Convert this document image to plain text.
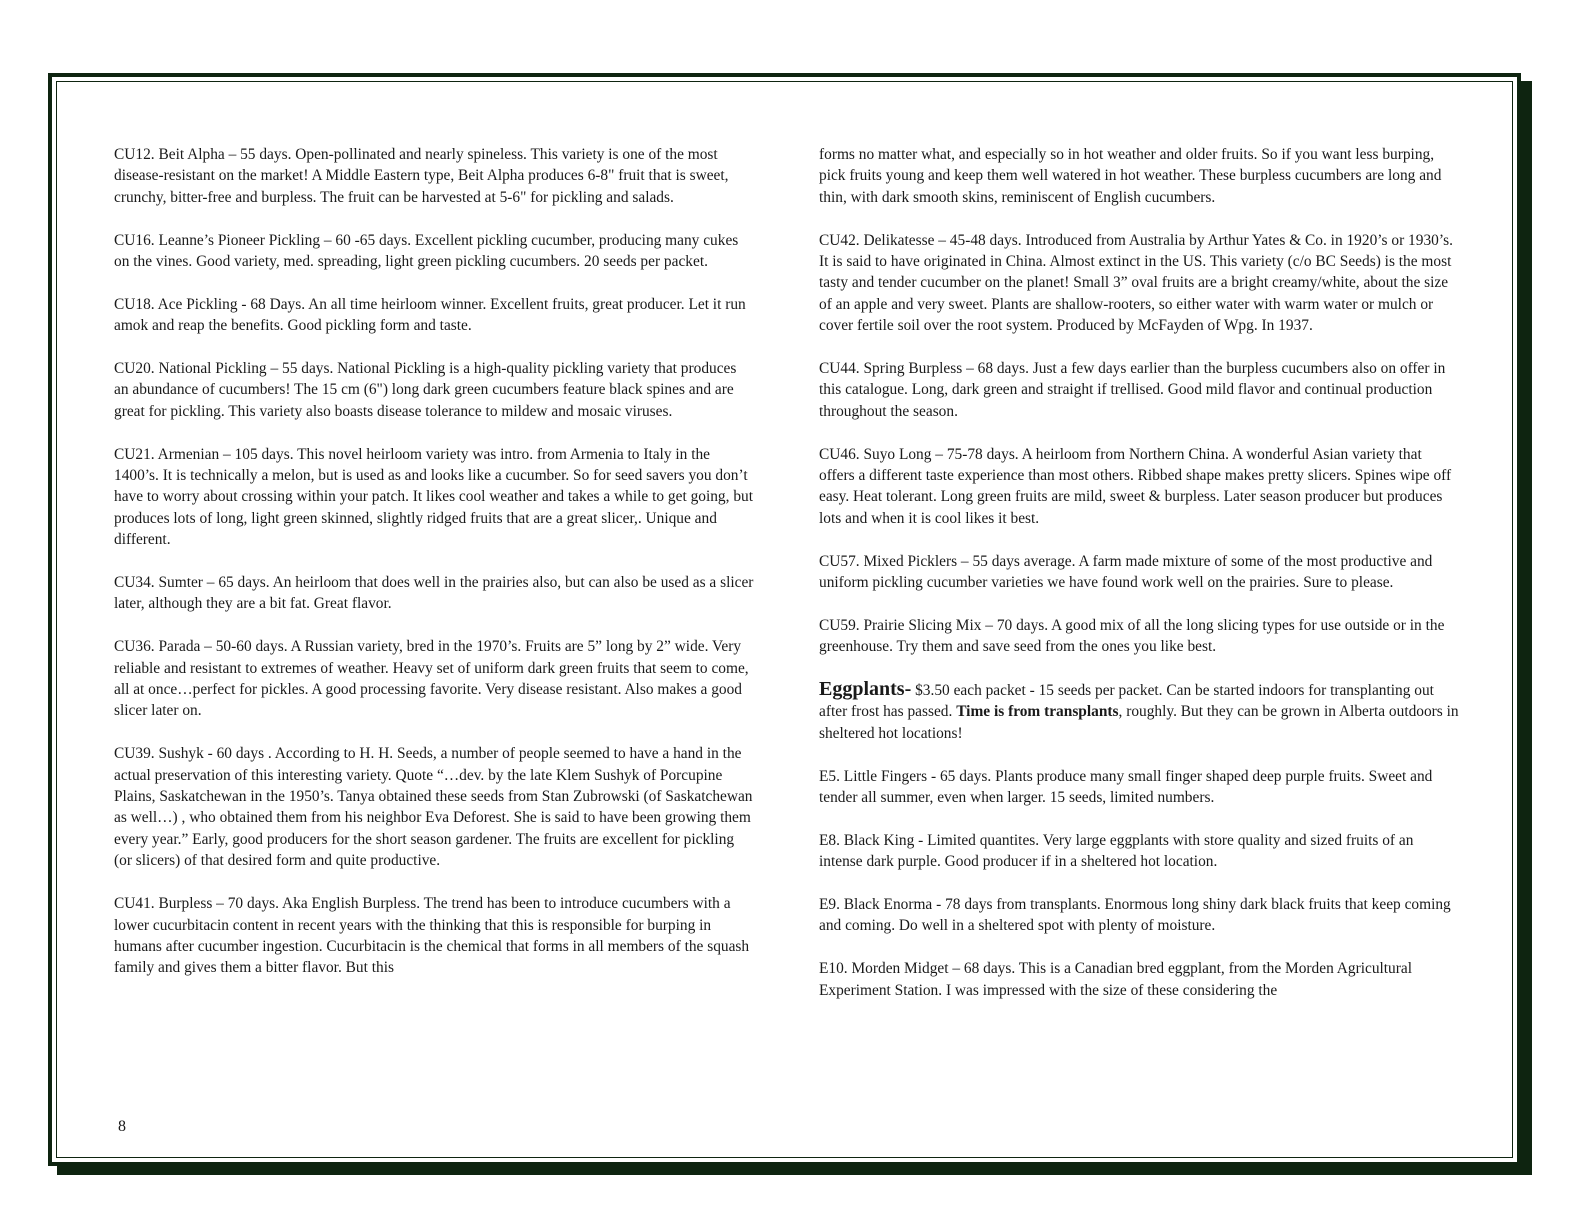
CU12. Beit Alpha – 55 days. Open-pollinated and nearly spineless. This variety is one of the most disease-resistant on the market! A Middle Eastern type, Beit Alpha produces 6-8" fruit that is sweet, crunchy, bitter-free and burpless. The fruit can be harvested at 5-6" for pickling and salads.

CU16. Leanne’s Pioneer Pickling – 60 -65 days. Excellent pickling cucumber, producing many cukes on the vines. Good variety, med. spreading, light green pickling cucumbers. 20 seeds per packet.

CU18. Ace Pickling - 68 Days. An all time heirloom winner. Excellent fruits, great producer. Let it run amok and reap the benefits. Good pickling form and taste.

CU20. National Pickling – 55 days. National Pickling is a high-quality pickling variety that produces an abundance of cucumbers! The 15 cm (6") long dark green cucumbers feature black spines and are great for pickling. This variety also boasts disease tolerance to mildew and mosaic viruses.

CU21. Armenian – 105 days. This novel heirloom variety was intro. from Armenia to Italy in the 1400’s. It is technically a melon, but is used as and looks like a cucumber. So for seed savers you don’t have to worry about crossing within your patch. It likes cool weather and takes a while to get going, but produces lots of long, light green skinned, slightly ridged fruits that are a great slicer,. Unique and different.

CU34. Sumter – 65 days. An heirloom that does well in the prairies also, but can also be used as a slicer later, although they are a bit fat. Great flavor.

CU36. Parada – 50-60 days. A Russian variety, bred in the 1970’s. Fruits are 5” long by 2” wide. Very reliable and resistant to extremes of weather. Heavy set of uniform dark green fruits that seem to come, all at once…perfect for pickles. A good processing favorite. Very disease resistant. Also makes a good slicer later on.

CU39. Sushyk - 60 days . According to H. H. Seeds, a number of people seemed to have a hand in the actual preservation of this interesting variety. Quote “…dev. by the late Klem Sushyk of Porcupine Plains, Saskatchewan in the 1950’s. Tanya obtained these seeds from Stan Zubrowski (of Saskatchewan as well…) , who obtained them from his neighbor Eva Deforest. She is said to have been growing them every year.” Early, good producers for the short season gardener. The fruits are excellent for pickling (or slicers) of that desired form and quite productive.

CU41. Burpless – 70 days. Aka English Burpless. The trend has been to introduce cucumbers with a lower cucurbitacin content in recent years with the thinking that this is responsible for burping in humans after cucumber ingestion. Cucurbitacin is the chemical that forms in all members of the squash family and gives them a bitter flavor. But this

forms no matter what, and especially so in hot weather and older fruits. So if you want less burping, pick fruits young and keep them well watered in hot weather. These burpless cucumbers are long and thin, with dark smooth skins, reminiscent of English cucumbers.

CU42. Delikatesse – 45-48 days. Introduced from Australia by Arthur Yates & Co. in 1920’s or 1930’s. It is said to have originated in China. Almost extinct in the US. This variety (c/o BC Seeds) is the most tasty and tender cucumber on the planet! Small 3” oval fruits are a bright creamy/white, about the size of an apple and very sweet. Plants are shallow-rooters, so either water with warm water or mulch or cover fertile soil over the root system. Produced by McFayden of Wpg. In 1937.

CU44. Spring Burpless – 68 days. Just a few days earlier than the burpless cucumbers also on offer in this catalogue. Long, dark green and straight if trellised. Good mild flavor and continual production throughout the season.

CU46. Suyo Long – 75-78 days. A heirloom from Northern China. A wonderful Asian variety that offers a different taste experience than most others. Ribbed shape makes pretty slicers. Spines wipe off easy. Heat tolerant. Long green fruits are mild, sweet & burpless. Later season producer but produces lots and when it is cool likes it best.

CU57. Mixed Picklers – 55 days average. A farm made mixture of some of the most productive and uniform pickling cucumber varieties we have found work well on the prairies. Sure to please.

CU59. Prairie Slicing Mix – 70 days. A good mix of all the long slicing types for use outside or in the greenhouse. Try them and save seed from the ones you like best.

Eggplants- $3.50 each packet - 15 seeds per packet. Can be started indoors for transplanting out after frost has passed. Time is from transplants, roughly. But they can be grown in Alberta outdoors in sheltered hot locations!

E5. Little Fingers - 65 days. Plants produce many small finger shaped deep purple fruits. Sweet and tender all summer, even when larger. 15 seeds, limited numbers.

E8. Black King - Limited quantites. Very large eggplants with store quality and sized fruits of an intense dark purple. Good producer if in a sheltered hot location.

E9. Black Enorma - 78 days from transplants. Enormous long shiny dark black fruits that keep coming and coming. Do well in a sheltered spot with plenty of moisture.

E10. Morden Midget – 68 days. This is a Canadian bred eggplant, from the Morden Agricultural Experiment Station. I was impressed with the size of these considering the

8
